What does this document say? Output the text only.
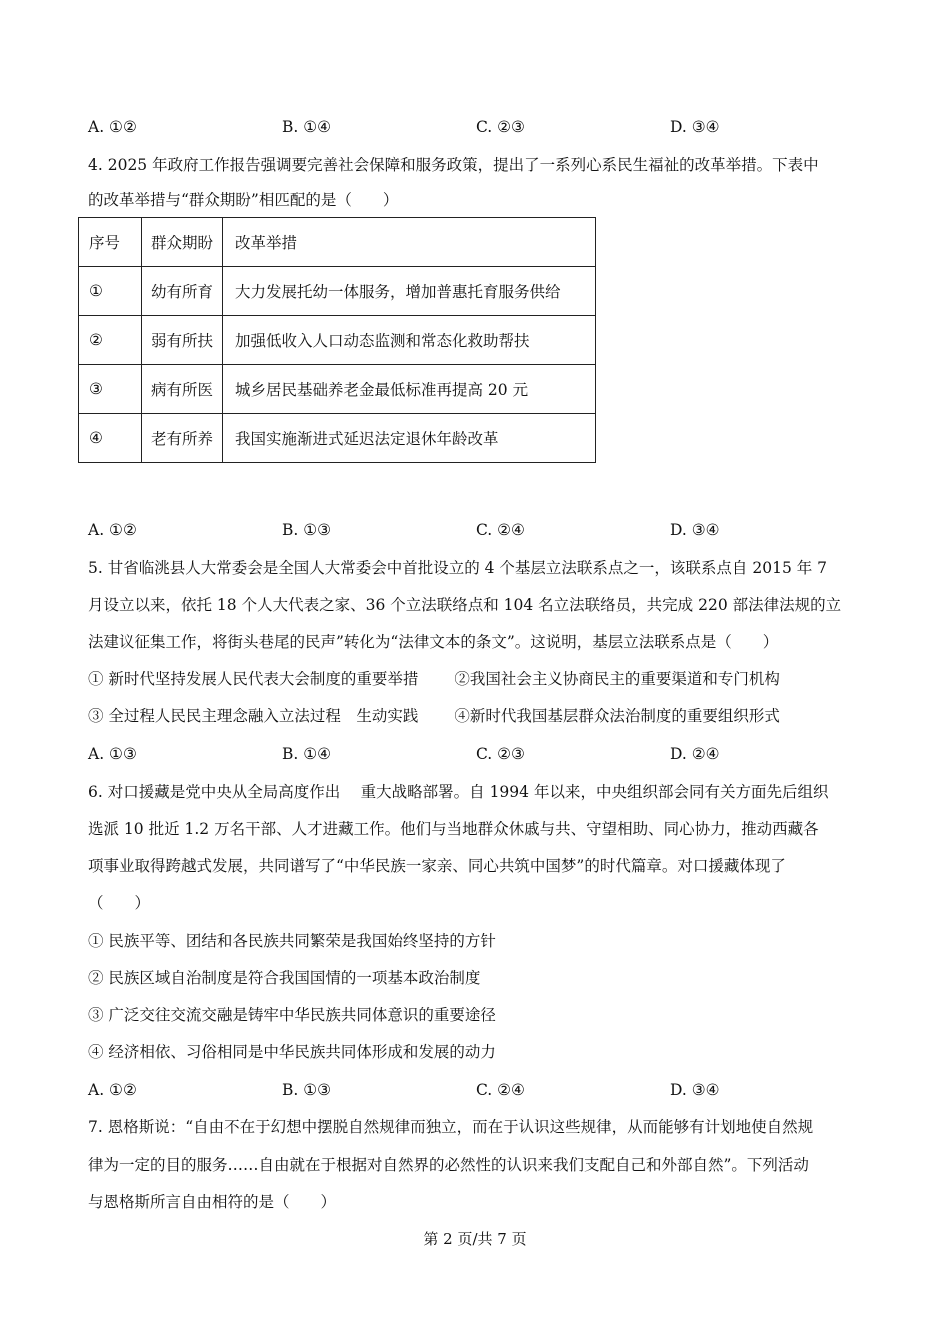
A. ①②	B. ①④	C. ②③	D. ③④
4. 2025 年政府工作报告强调要完善社会保障和服务政策，提出了一系列心系民生福祉的改革举措。下表中
的改革举措与“群众期盼”相匹配的是（　　）
序号	群众期盼	改革举措
①	幼有所育	大力发展托幼一体服务，增加普惠托育服务供给
②	弱有所扶	加强低收入人口动态监测和常态化救助帮扶
③	病有所医	城乡居民基础养老金最低标准再提高 20 元
④	老有所养	我国实施渐进式延迟法定退休年龄改革
A. ①②	B. ①③	C. ②④	D. ③④
5. 甘省临洮县人大常委会是全国人大常委会中首批设立的 4 个基层立法联系点之一，该联系点自 2015 年 7
月设立以来，依托 18 个人大代表之家、36 个立法联络点和 104 名立法联络员，共完成 220 部法律法规的立
法建议征集工作，将街头巷尾的民声”转化为“法律文本的条文”。这说明，基层立法联系点是（　　）
① 新时代坚持发展人民代表大会制度的重要举措　　 ②我国社会主义协商民主的重要渠道和专门机构
③ 全过程人民民主理念融入立法过程　生动实践　　 ④新时代我国基层群众法治制度的重要组织形式
A. ①③	B. ①④	C. ②③	D. ②④
6. 对口援藏是党中央从全局高度作出　 重大战略部署。自 1994 年以来，中央组织部会同有关方面先后组织
选派 10 批近 1.2 万名干部、人才进藏工作。他们与当地群众休戚与共、守望相助、同心协力，推动西藏各
项事业取得跨越式发展，共同谱写了“中华民族一家亲、同心共筑中国梦”的时代篇章。对口援藏体现了
（　　）
① 民族平等、团结和各民族共同繁荣是我国始终坚持的方针
② 民族区域自治制度是符合我国国情的一项基本政治制度
③ 广泛交往交流交融是铸牢中华民族共同体意识的重要途径
④ 经济相依、习俗相同是中华民族共同体形成和发展的动力
A. ①②	B. ①③	C. ②④	D. ③④
7. 恩格斯说：“自由不在于幻想中摆脱自然规律而独立，而在于认识这些规律，从而能够有计划地使自然规
律为一定的目的服务……自由就在于根据对自然界的必然性的认识来我们支配自己和外部自然”。下列活动
与恩格斯所言自由相符的是（　　）
第 2 页/共 7 页
